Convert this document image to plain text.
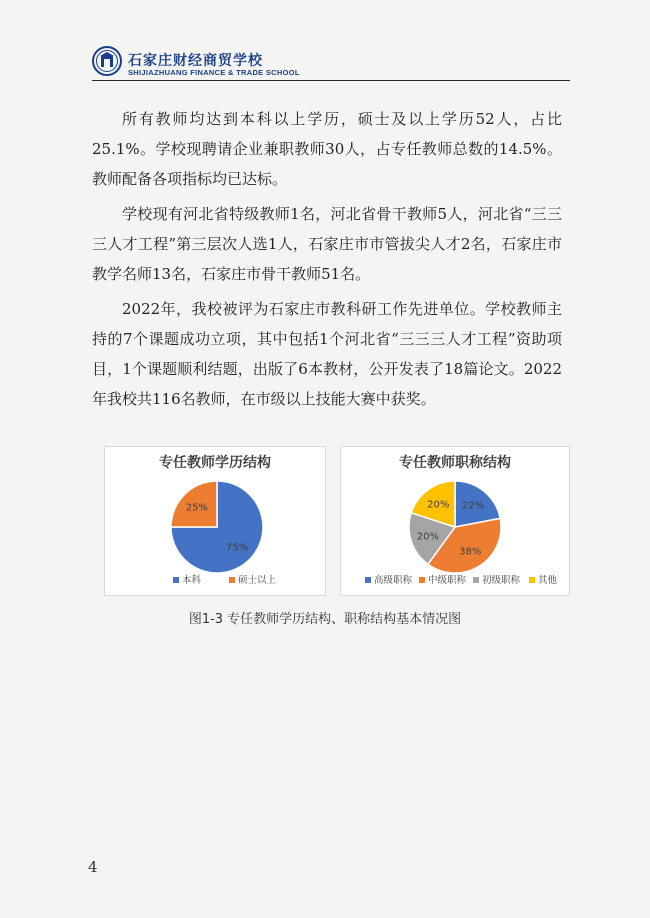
石家庄财经商贸学校
SHIJIAZHUANG FINANCE & TRADE SCHOOL

所有教师均达到本科以上学历，硕士及以上学历52人，占比25.1%。学校现聘请企业兼职教师30人，占专任教师总数的14.5%。教师配备各项指标均已达标。

学校现有河北省特级教师1名，河北省骨干教师5人，河北省“三三三人才工程”第三层次人选1人，石家庄市市管拔尖人才2名，石家庄市教学名师13名，石家庄市骨干教师51名。

2022年，我校被评为石家庄市教科研工作先进单位。学校教师主持的7个课题成功立项，其中包括1个河北省“三三三人才工程”资助项目，1个课题顺利结题，出版了6本教材，公开发表了18篇论文。2022年我校共116名教师，在市级以上技能大赛中获奖。

专任教师学历结构
75%
25%
本科	硕士以上
专任教师职称结构
22%
38%
20%
20%
高级职称 中级职称 初级职称 其他
图1-3 专任教师学历结构、职称结构基本情况图
4
